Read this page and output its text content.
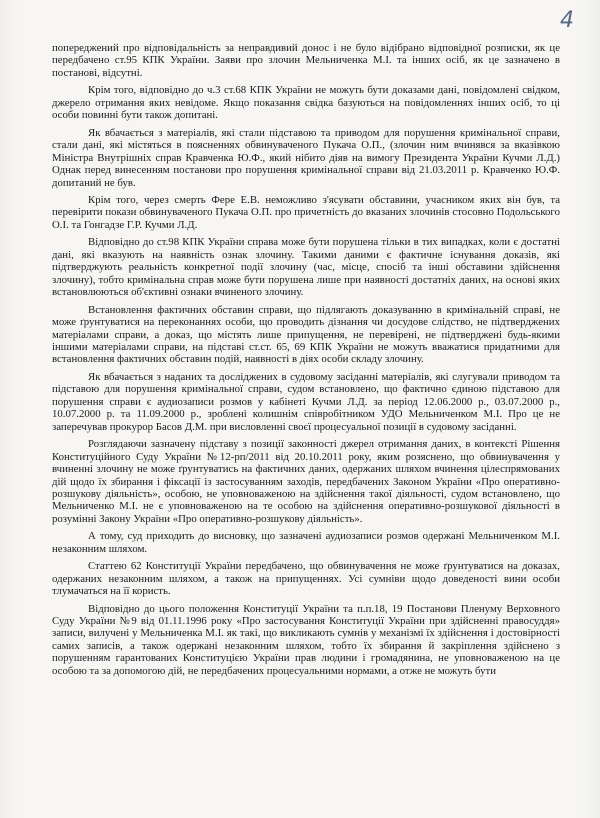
4

попереджений про відповідальність за неправдивий донос і не було відібрано відповідної розписки, як це передбачено ст.95 КПК України. Заяви про злочин Мельниченка М.І. та інших осіб, як це зазначено в постанові, відсутні.

Крім того, відповідно до ч.3 ст.68 КПК України не можуть бути доказами дані, повідомлені свідком, джерело отримання яких невідоме. Якщо показання свідка базуються на повідомленнях інших осіб, то ці особи повинні бути також допитані.

Як вбачається з матеріалів, які стали підставою та приводом для порушення кримінальної справи, стали дані, які містяться в поясненнях обвинуваченого Пукача О.П., (злочин ним вчинявся за вказівкою Міністра Внутрішніх справ Кравченка Ю.Ф., який нібито діяв на вимогу Президента України Кучми Л.Д.) Однак перед винесенням постанови про порушення кримінальної справи від 21.03.2011 р. Кравченко Ю.Ф. допитаний не був.

Крім того, через смерть Фере Е.В. неможливо з'ясувати обставини, учасником яких він був, та перевірити покази обвинуваченого Пукача О.П. про причетність до вказаних злочинів стосовно Подольського О.І. та Гонгадзе Г.Р. Кучми Л.Д.

Відповідно до ст.98 КПК України справа може бути порушена тільки в тих випадках, коли є достатні дані, які вказують на наявність ознак злочину. Такими даними є фактичне існування доказів, які підтверджують реальність конкретної події злочину (час, місце, спосіб та інші обставини здійснення злочину), тобто кримінальна справ може бути порушена лише при наявності достатніх даних, на основі яких встановлюються об'єктивні ознаки вчиненого злочину.

Встановлення фактичних обставин справи, що підлягають доказуванню в кримінальній справі, не може ґрунтуватися на переконаннях особи, що проводить дізнання чи досудове слідство, не підтверджених матеріалами справи, а доказ, що містять лише припущення, не перевірені, не підтверджені будь-якими іншими матеріалами справи, на підставі ст.ст. 65, 69 КПК України не можуть вважатися придатними для встановлення фактичних обставин подій, наявності в діях особи складу злочину.

Як вбачається з наданих та досліджених в судовому засіданні матеріалів, які слугували приводом та підставою для порушення кримінальної справи, судом встановлено, що фактично єдиною підставою для порушення справи є аудиозаписи розмов у кабінеті Кучми Л.Д. за період 12.06.2000 р., 03.07.2000 р., 10.07.2000 р. та 11.09.2000 р., зроблені колишнім співробітником УДО Мельниченком М.І. Про це не заперечував прокурор Басов Д.М. при висловленні своєї процесуальної позиції в судовому засіданні.

Розглядаючи зазначену підставу з позиції законності джерел отримання даних, в контексті Рішення Конституційного Суду України №12-рп/2011 від 20.10.2011 року, яким розяснено, що обвинувачення у вчиненні злочину не може ґрунтуватись на фактичних даних, одержаних шляхом вчинення цілеспрямованих дій щодо їх збирання і фіксації із застосуванням заходів, передбачених Законом України «Про оперативно-розшукову діяльність», особою, не уповноваженою на здійснення такої діяльності, судом встановлено, що Мельниченко М.І. не є уповноваженою на те особою на здійснення оперативно-розшукової діяльності в розумінні Закону України «Про оперативно-розшукову діяльність».

А тому, суд приходить до висновку, що зазначені аудиозаписи розмов одержані Мельниченком М.І. незаконним шляхом.

Статтею 62 Конституції України передбачено, що обвинувачення не може ґрунтуватися на доказах, одержаних незаконним шляхом, а також на припущеннях. Усі сумніви щодо доведеності вини особи тлумачаться на її користь.

Відповідно до цього положення Конституції України та п.п.18, 19 Постанови Пленуму Верховного Суду України №9 від 01.11.1996 року «Про застосування Конституції України при здійсненні правосуддя» записи, вилучені у Мельниченка М.І. як такі, що викликають сумнів у механізмі їх здійснення і достовірності самих записів, а також одержані незаконним шляхом, тобто їх збирання й закріплення здійснено з порушенням гарантованих Конституцією України прав людини і громадянина, не уповноваженою на це особою та за допомогою дій, не передбачених процесуальними нормами, а отже не можуть бути
